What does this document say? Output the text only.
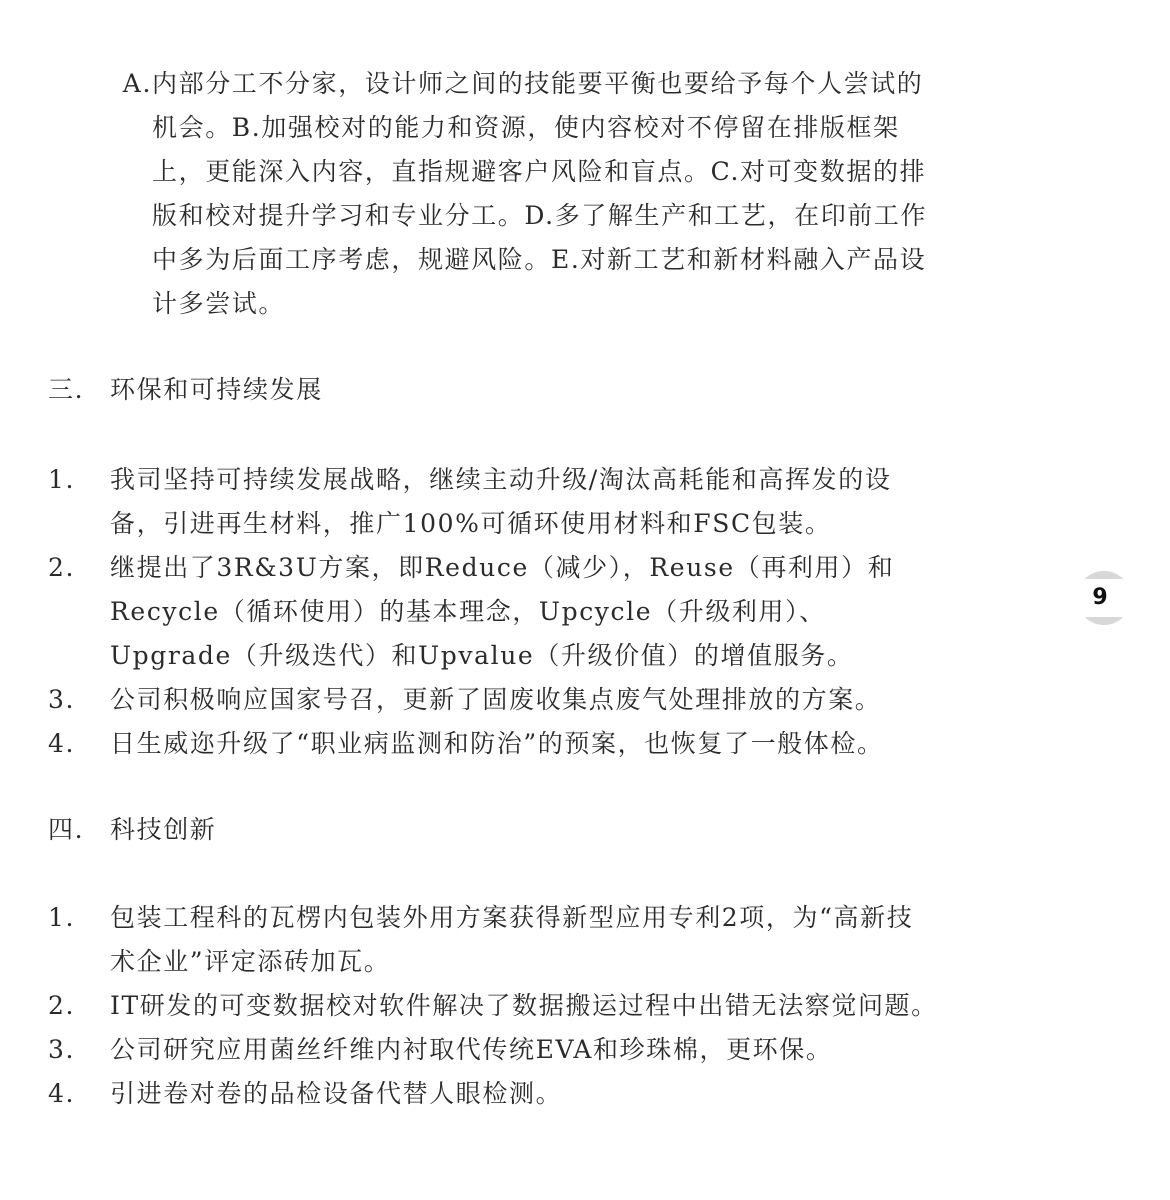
A. 内部分工不分家，设计师之间的技能要平衡也要给予每个人尝试的机会。B.加强校对的能力和资源，使内容校对不停留在排版框架上，更能深入内容，直指规避客户风险和盲点。C.对可变数据的排版和校对提升学习和专业分工。D.多了解生产和工艺，在印前工作中多为后面工序考虑，规避风险。E.对新工艺和新材料融入产品设计多尝试。
三.	环保和可持续发展
1.	我司坚持可持续发展战略，继续主动升级/淘汰高耗能和高挥发的设备，引进再生材料，推广100%可循环使用材料和FSC包装。
2.	继提出了3R&3U方案，即Reduce（减少），Reuse（再利用）和Recycle（循环使用）的基本理念，Upcycle（升级利用）、Upgrade（升级迭代）和Upvalue（升级价值）的增值服务。
3.	公司积极响应国家号召，更新了固废收集点废气处理排放的方案。
4.	日生威迩升级了“职业病监测和防治”的预案，也恢复了一般体检。
四.	科技创新
1.	包装工程科的瓦楞内包装外用方案获得新型应用专利2项，为“高新技术企业”评定添砖加瓦。
2.	IT研发的可变数据校对软件解决了数据搬运过程中出错无法察觉问题。
3.	公司研究应用菌丝纤维内衬取代传统EVA和珍珠棉，更环保。
4.	引进卷对卷的品检设备代替人眼检测。
9
